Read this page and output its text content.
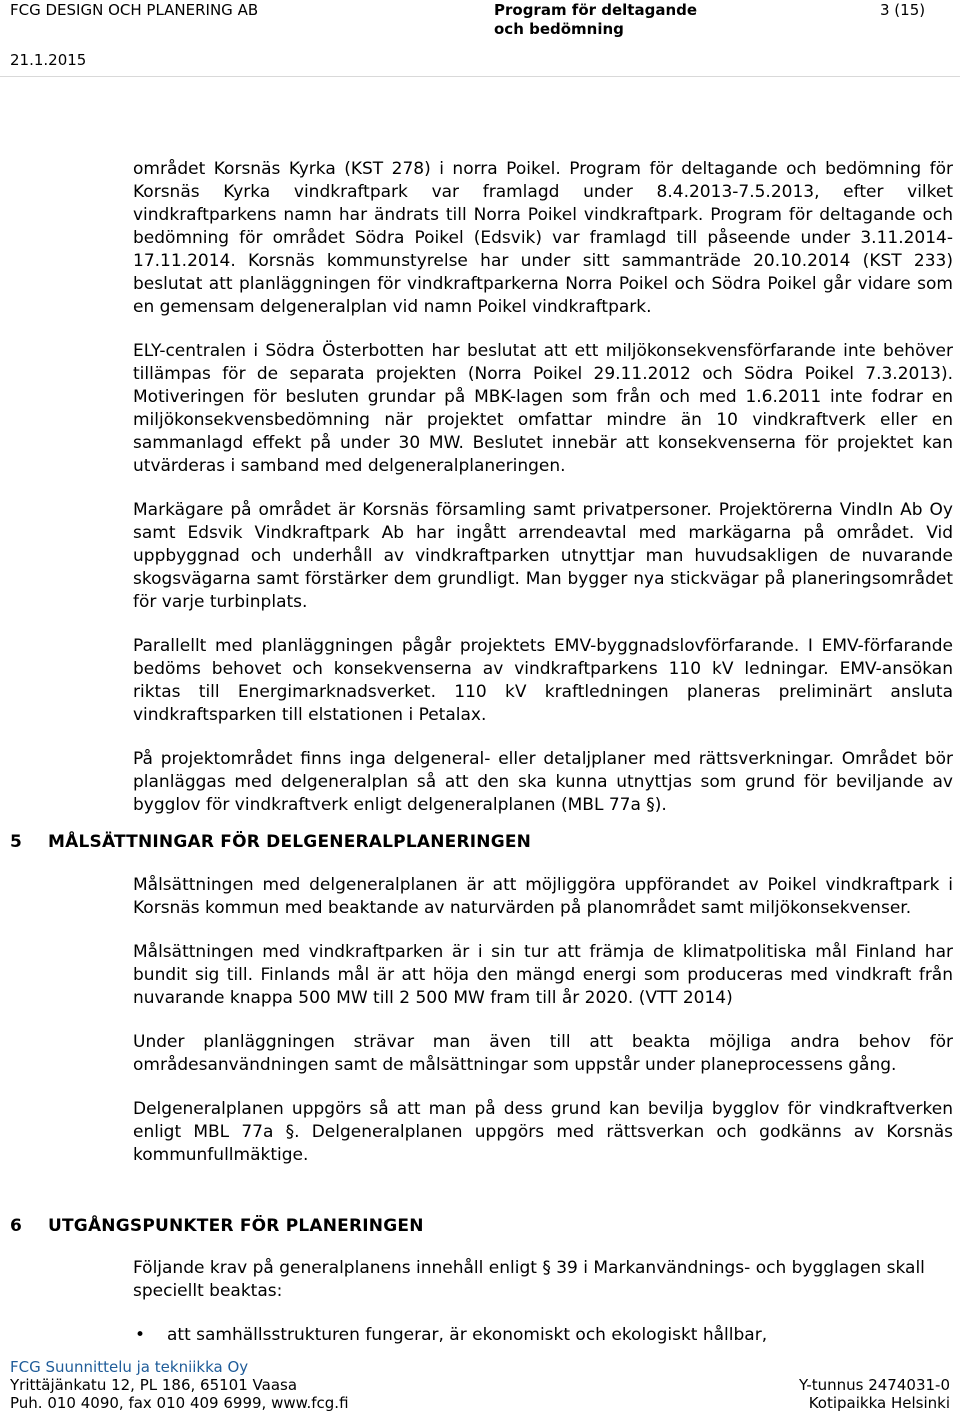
FCG DESIGN OCH PLANERING AB
21.1.2015
Program för deltagande
och bedömning
3 (15)

området Korsnäs Kyrka (KST 278) i norra Poikel. Program för deltagande och bedömning för Korsnäs Kyrka vindkraftpark var framlagd under 8.4.2013-7.5.2013, efter vilket vindkraftparkens namn har ändrats till Norra Poikel vindkraftpark. Program för deltagande och bedömning för området Södra Poikel (Edsvik) var framlagd till påseende under 3.11.2014-17.11.2014. Korsnäs kommunstyrelse har under sitt sammanträde 20.10.2014 (KST 233) beslutat att planläggningen för vindkraftparkerna Norra Poikel och Södra Poikel går vidare som en gemensam delgeneralplan vid namn Poikel vindkraftpark.

ELY-centralen i Södra Österbotten har beslutat att ett miljökonsekvensförfarande inte behöver tillämpas för de separata projekten (Norra Poikel 29.11.2012 och Södra Poikel 7.3.2013). Motiveringen för besluten grundar på MBK-lagen som från och med 1.6.2011 inte fodrar en miljökonsekvensbedömning när projektet omfattar mindre än 10 vindkraftverk eller en sammanlagd effekt på under 30 MW. Beslutet innebär att konsekvenserna för projektet kan utvärderas i samband med delgeneralplaneringen.

Markägare på området är Korsnäs församling samt privatpersoner. Projektörerna VindIn Ab Oy samt Edsvik Vindkraftpark Ab har ingått arrendeavtal med markägarna på området. Vid uppbyggnad och underhåll av vindkraftparken utnyttjar man huvudsakligen de nuvarande skogsvägarna samt förstärker dem grundligt. Man bygger nya stickvägar på planeringsområdet för varje turbinplats.

Parallellt med planläggningen pågår projektets EMV-byggnadslovförfarande. I EMV-förfarande bedöms behovet och konsekvenserna av vindkraftparkens 110 kV ledningar. EMV-ansökan riktas till Energimarknadsverket. 110 kV kraftledningen planeras preliminärt ansluta vindkraftsparken till elstationen i Petalax.

På projektområdet finns inga delgeneral- eller detaljplaner med rättsverkningar. Området bör planläggas med delgeneralplan så att den ska kunna utnyttjas som grund för beviljande av bygglov för vindkraftverk enligt delgeneralplanen (MBL 77a §).

5 MÅLSÄTTNINGAR FÖR DELGENERALPLANERINGEN

Målsättningen med delgeneralplanen är att möjliggöra uppförandet av Poikel vindkraftpark i Korsnäs kommun med beaktande av naturvärden på planområdet samt miljökonsekvenser.

Målsättningen med vindkraftparken är i sin tur att främja de klimatpolitiska mål Finland har bundit sig till. Finlands mål är att höja den mängd energi som produceras med vindkraft från nuvarande knappa 500 MW till 2 500 MW fram till år 2020. (VTT 2014)

Under planläggningen strävar man även till att beakta möjliga andra behov för områdesanvändningen samt de målsättningar som uppstår under planeprocessens gång.

Delgeneralplanen uppgörs så att man på dess grund kan bevilja bygglov för vindkraftverken enligt MBL 77a §. Delgeneralplanen uppgörs med rättsverkan och godkänns av Korsnäs kommunfullmäktige.

6 UTGÅNGSPUNKTER FÖR PLANERINGEN

Följande krav på generalplanens innehåll enligt § 39 i Markanvändnings- och bygglagen skall speciellt beaktas:

• att samhällsstrukturen fungerar, är ekonomiskt och ekologiskt hållbar,
FCG Suunnittelu ja tekniikka Oy
Yrittäjänkatu 12, PL 186, 65101 Vaasa
Puh. 010 4090, fax 010 409 6999, www.fcg.fi
Y-tunnus 2474031-0
Kotipaikka Helsinki
